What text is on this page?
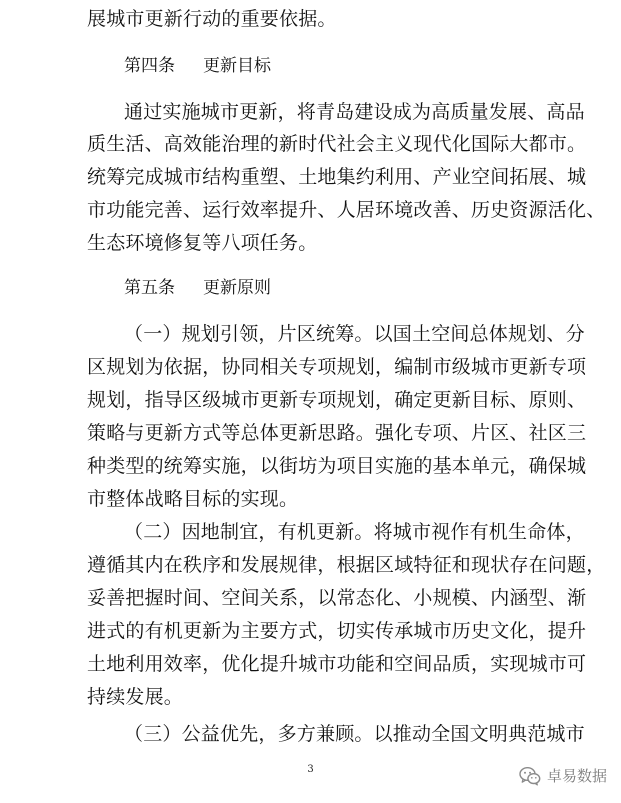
展城市更新行动的重要依据。
第四条 更新目标
通过实施城市更新，将青岛建设成为高质量发展、高品
质生活、高效能治理的新时代社会主义现代化国际大都市。
统筹完成城市结构重塑、土地集约利用、产业空间拓展、城
市功能完善、运行效率提升、人居环境改善、历史资源活化、
生态环境修复等八项任务。
第五条 更新原则
（一）规划引领，片区统筹。以国土空间总体规划、分
区规划为依据，协同相关专项规划，编制市级城市更新专项
规划，指导区级城市更新专项规划，确定更新目标、原则、
策略与更新方式等总体更新思路。强化专项、片区、社区三
种类型的统筹实施，以街坊为项目实施的基本单元，确保城
市整体战略目标的实现。
（二）因地制宜，有机更新。将城市视作有机生命体，
遵循其内在秩序和发展规律，根据区域特征和现状存在问题，
妥善把握时间、空间关系，以常态化、小规模、内涵型、渐
进式的有机更新为主要方式，切实传承城市历史文化，提升
土地利用效率，优化提升城市功能和空间品质，实现城市可
持续发展。
（三）公益优先，多方兼顾。以推动全国文明典范城市
3	卓易数据
